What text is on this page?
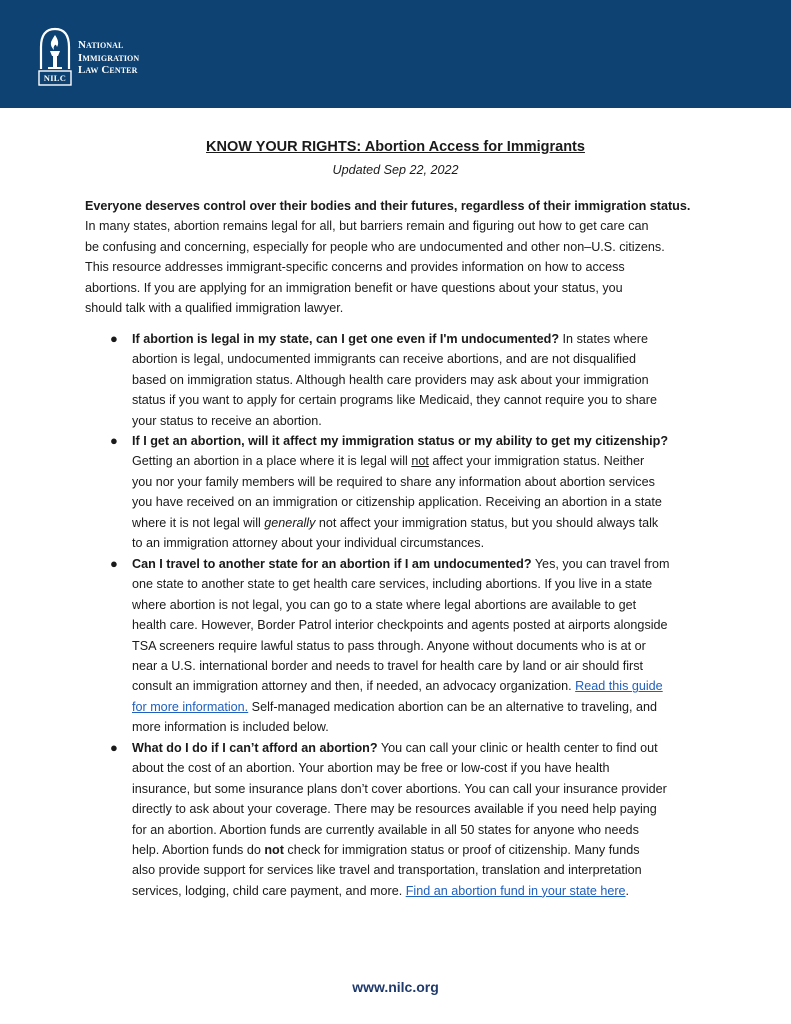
NILC
National
Immigration
Law Center
KNOW YOUR RIGHTS: Abortion Access for Immigrants
Updated Sep 22, 2022
Everyone deserves control over their bodies and their futures, regardless of their immigration status.
In many states, abortion remains legal for all, but barriers remain and figuring out how to get care can
be confusing and concerning, especially for people who are undocumented and other non–U.S. citizens.
This resource addresses immigrant-specific concerns and provides information on how to access
abortions. If you are applying for an immigration benefit or have questions about your status, you
should talk with a qualified immigration lawyer.
● If abortion is legal in my state, can I get one even if I'm undocumented? In states where
abortion is legal, undocumented immigrants can receive abortions, and are not disqualified
based on immigration status. Although health care providers may ask about your immigration
status if you want to apply for certain programs like Medicaid, they cannot require you to share
your status to receive an abortion.
● If I get an abortion, will it affect my immigration status or my ability to get my citizenship?
Getting an abortion in a place where it is legal will not affect your immigration status. Neither
you nor your family members will be required to share any information about abortion services
you have received on an immigration or citizenship application. Receiving an abortion in a state
where it is not legal will generally not affect your immigration status, but you should always talk
to an immigration attorney about your individual circumstances.
● Can I travel to another state for an abortion if I am undocumented? Yes, you can travel from
one state to another state to get health care services, including abortions. If you live in a state
where abortion is not legal, you can go to a state where legal abortions are available to get
health care. However, Border Patrol interior checkpoints and agents posted at airports alongside
TSA screeners require lawful status to pass through. Anyone without documents who is at or
near a U.S. international border and needs to travel for health care by land or air should first
consult an immigration attorney and then, if needed, an advocacy organization. Read this guide
for more information. Self-managed medication abortion can be an alternative to traveling, and
more information is included below.
● What do I do if I can’t afford an abortion? You can call your clinic or health center to find out
about the cost of an abortion. Your abortion may be free or low-cost if you have health
insurance, but some insurance plans don’t cover abortions. You can call your insurance provider
directly to ask about your coverage. There may be resources available if you need help paying
for an abortion. Abortion funds are currently available in all 50 states for anyone who needs
help. Abortion funds do not check for immigration status or proof of citizenship. Many funds
also provide support for services like travel and transportation, translation and interpretation
services, lodging, child care payment, and more. Find an abortion fund in your state here.
www.nilc.org
